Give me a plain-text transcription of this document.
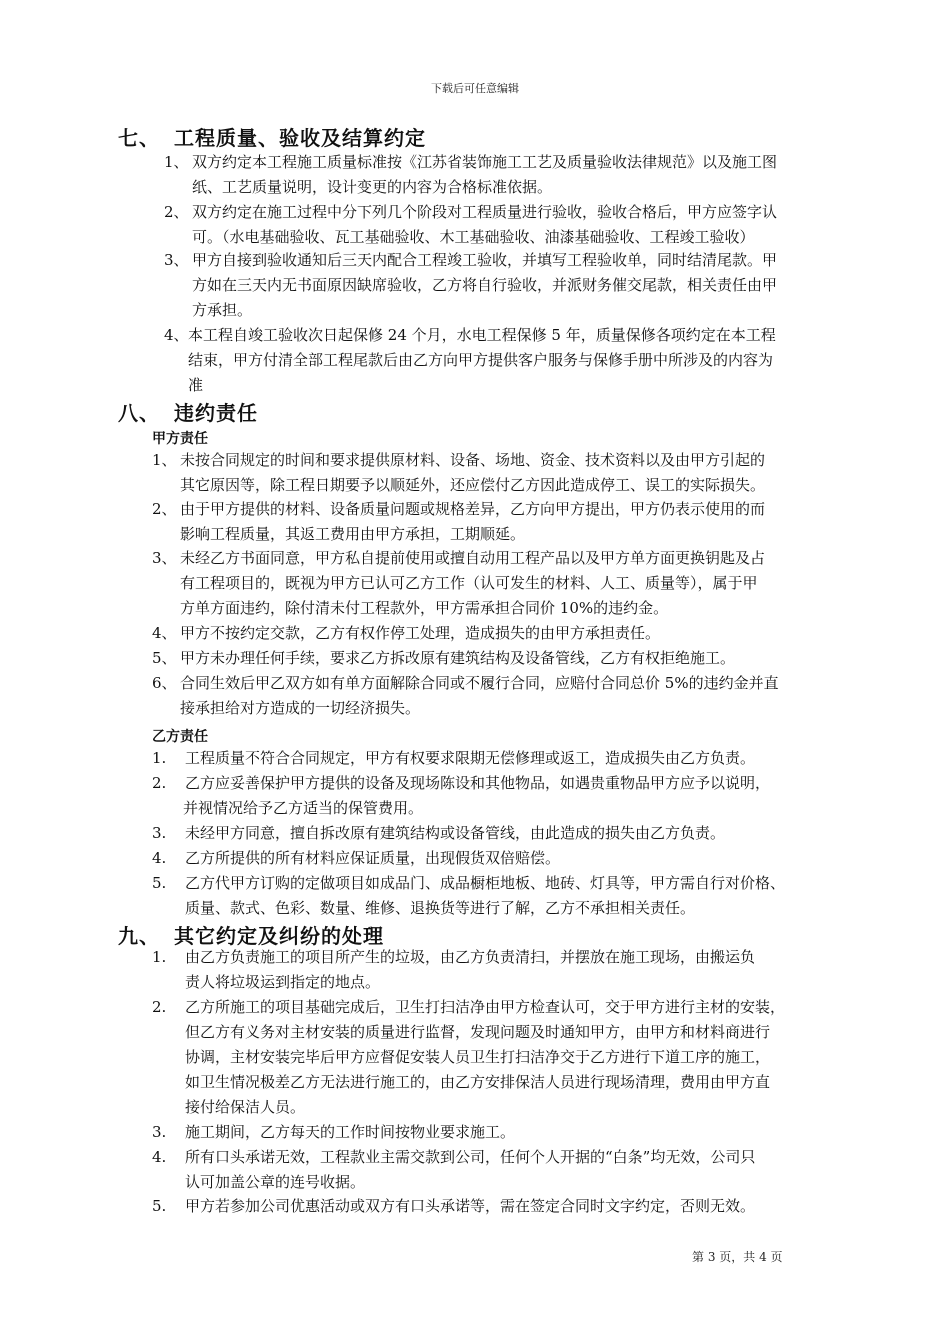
下载后可任意编辑
七、 工程质量、验收及结算约定
1、 双方约定本工程施工质量标准按《江苏省装饰施工工艺及质量验收法律规范》以及施工图
纸、工艺质量说明，设计变更的内容为合格标准依据。
2、 双方约定在施工过程中分下列几个阶段对工程质量进行验收，验收合格后，甲方应签字认
可。（水电基础验收、瓦工基础验收、木工基础验收、油漆基础验收、工程竣工验收）
3、 甲方自接到验收通知后三天内配合工程竣工验收，并填写工程验收单，同时结清尾款。甲
方如在三天内无书面原因缺席验收，乙方将自行验收，并派财务催交尾款，相关责任由甲
方承担。
4、 本工程自竣工验收次日起保修 24 个月，水电工程保修 5 年，质量保修各项约定在本工程
结束，甲方付清全部工程尾款后由乙方向甲方提供客户服务与保修手册中所涉及的内容为
准
八、 违约责任
甲方责任
1、 未按合同规定的时间和要求提供原材料、设备、场地、资金、技术资料以及由甲方引起的
其它原因等，除工程日期要予以顺延外，还应偿付乙方因此造成停工、误工的实际损失。
2、 由于甲方提供的材料、设备质量问题或规格差异，乙方向甲方提出，甲方仍表示使用的而
影响工程质量，其返工费用由甲方承担，工期顺延。
3、 未经乙方书面同意，甲方私自提前使用或擅自动用工程产品以及甲方单方面更换钥匙及占
有工程项目的，既视为甲方已认可乙方工作（认可发生的材料、人工、质量等），属于甲
方单方面违约，除付清未付工程款外，甲方需承担合同价 10%的违约金。
4、 甲方不按约定交款，乙方有权作停工处理，造成损失的由甲方承担责任。
5、 甲方未办理任何手续，要求乙方拆改原有建筑结构及设备管线，乙方有权拒绝施工。
6、 合同生效后甲乙双方如有单方面解除合同或不履行合同，应赔付合同总价 5%的违约金并直
接承担给对方造成的一切经济损失。
乙方责任
1.	工程质量不符合合同规定，甲方有权要求限期无偿修理或返工，造成损失由乙方负责。
2.	乙方应妥善保护甲方提供的设备及现场陈设和其他物品，如遇贵重物品甲方应予以说明，
并视情况给予乙方适当的保管费用。
3.	未经甲方同意，擅自拆改原有建筑结构或设备管线，由此造成的损失由乙方负责。
4.	乙方所提供的所有材料应保证质量，出现假货双倍赔偿。
5.	乙方代甲方订购的定做项目如成品门、成品橱柜地板、地砖、灯具等，甲方需自行对价格、
质量、款式、色彩、数量、维修、退换货等进行了解，乙方不承担相关责任。
九、 其它约定及纠纷的处理
1.	由乙方负责施工的项目所产生的垃圾，由乙方负责清扫，并摆放在施工现场，由搬运负
责人将垃圾运到指定的地点。
2.	乙方所施工的项目基础完成后，卫生打扫洁净由甲方检查认可，交于甲方进行主材的安装，
但乙方有义务对主材安装的质量进行监督，发现问题及时通知甲方，由甲方和材料商进行
协调，主材安装完毕后甲方应督促安装人员卫生打扫洁净交于乙方进行下道工序的施工，
如卫生情况极差乙方无法进行施工的，由乙方安排保洁人员进行现场清理，费用由甲方直
接付给保洁人员。
3.	施工期间，乙方每天的工作时间按物业要求施工。
4.	所有口头承诺无效，工程款业主需交款到公司，任何个人开据的“白条”均无效，公司只
认可加盖公章的连号收据。
5.	甲方若参加公司优惠活动或双方有口头承诺等，需在签定合同时文字约定，否则无效。
第 3 页，共 4 页
